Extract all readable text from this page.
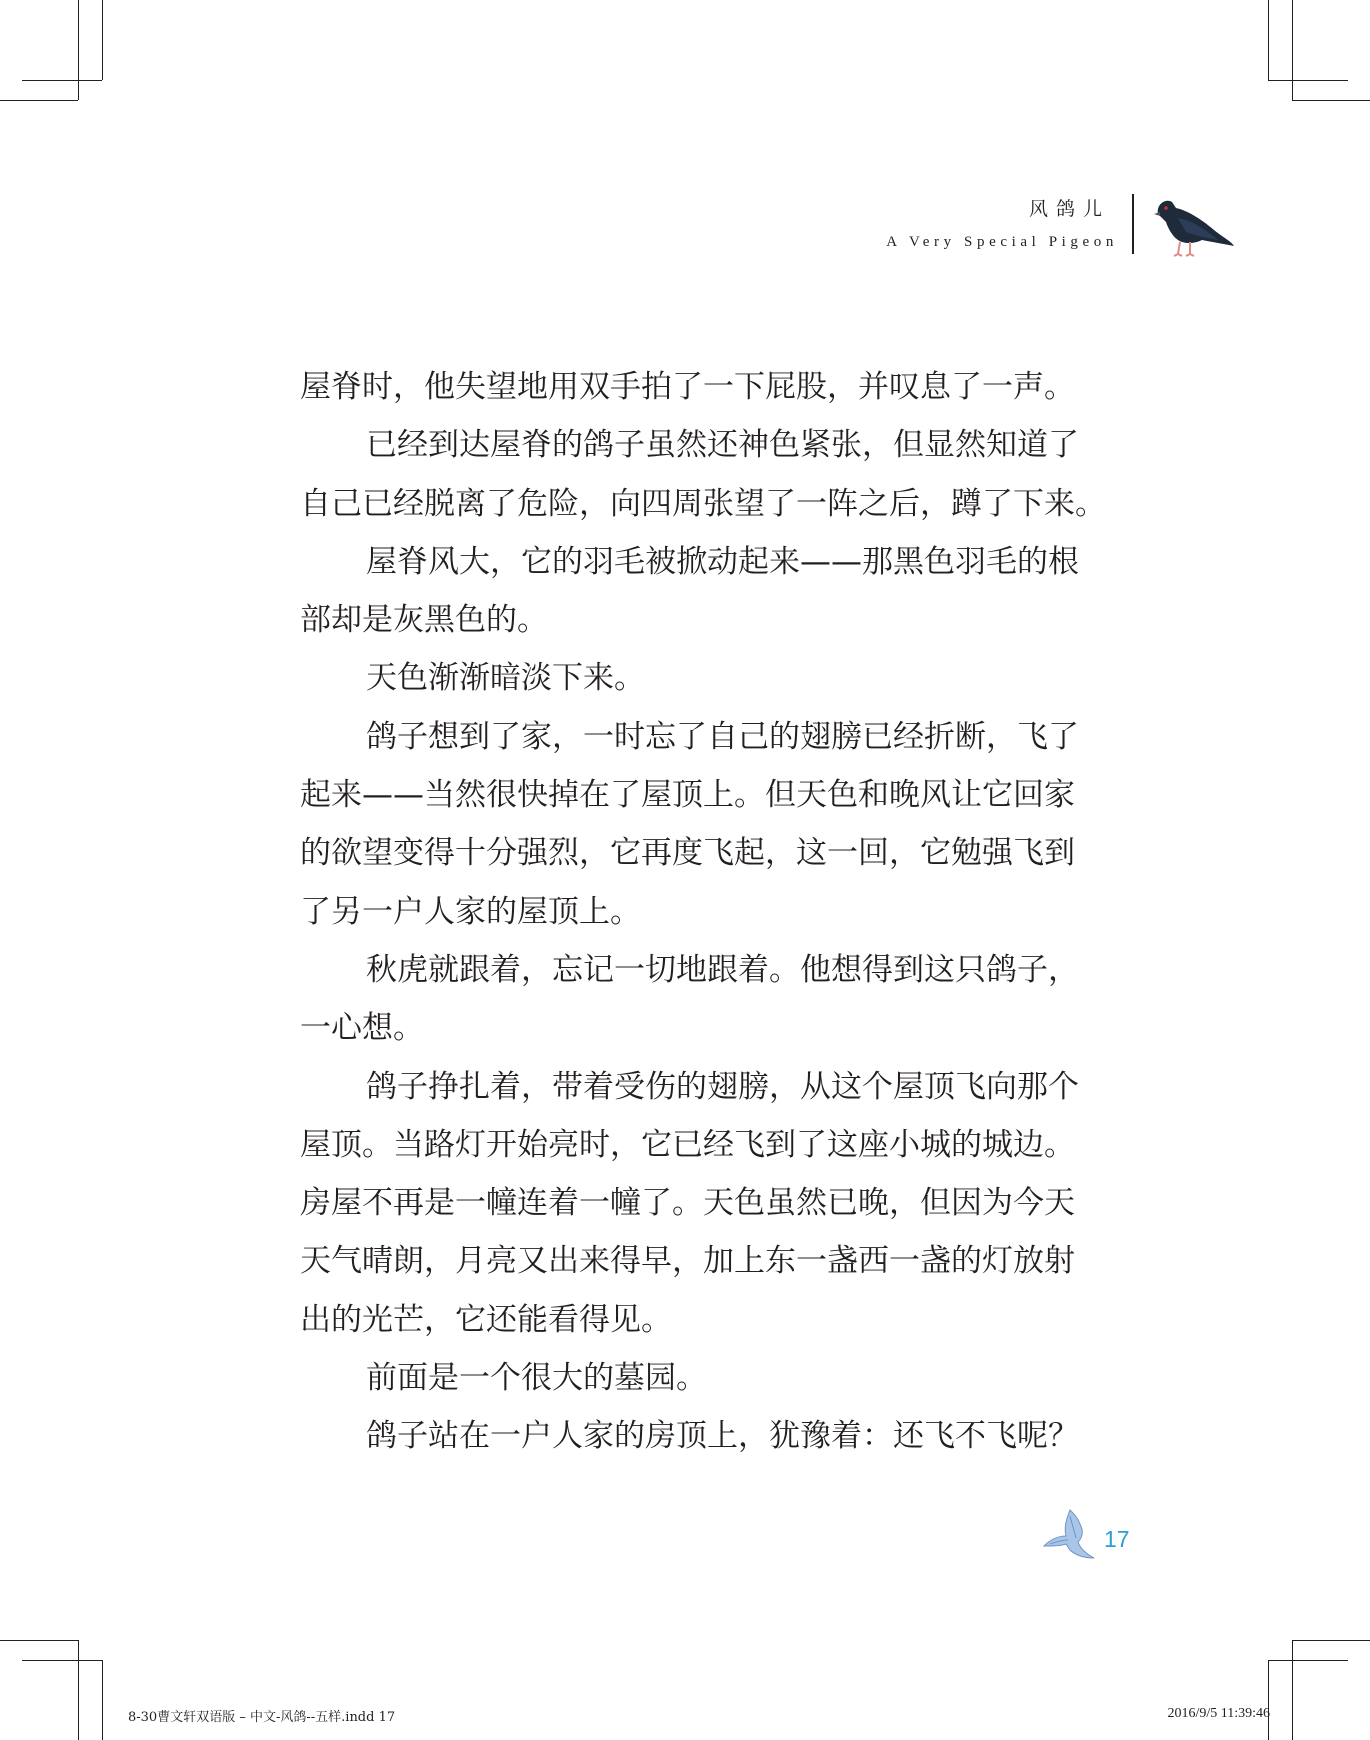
风鸽儿
A Very Special Pigeon
屋脊时，他失望地用双手拍了一下屁股，并叹息了一声。
已经到达屋脊的鸽子虽然还神色紧张，但显然知道了
自己已经脱离了危险，向四周张望了一阵之后，蹲了下来。
屋脊风大，它的羽毛被掀动起来——那黑色羽毛的根
部却是灰黑色的。
天色渐渐暗淡下来。
鸽子想到了家，一时忘了自己的翅膀已经折断，飞了
起来——当然很快掉在了屋顶上。但天色和晚风让它回家
的欲望变得十分强烈，它再度飞起，这一回，它勉强飞到
了另一户人家的屋顶上。
秋虎就跟着，忘记一切地跟着。他想得到这只鸽子，
一心想。
鸽子挣扎着，带着受伤的翅膀，从这个屋顶飞向那个
屋顶。当路灯开始亮时，它已经飞到了这座小城的城边。
房屋不再是一幢连着一幢了。天色虽然已晚，但因为今天
天气晴朗，月亮又出来得早，加上东一盏西一盏的灯放射
出的光芒，它还能看得见。
前面是一个很大的墓园。
鸽子站在一户人家的房顶上，犹豫着：还飞不飞呢？
17
8-30曹文轩双语版 – 中文-风鸽--五样.indd 17	2016/9/5 11:39:46
